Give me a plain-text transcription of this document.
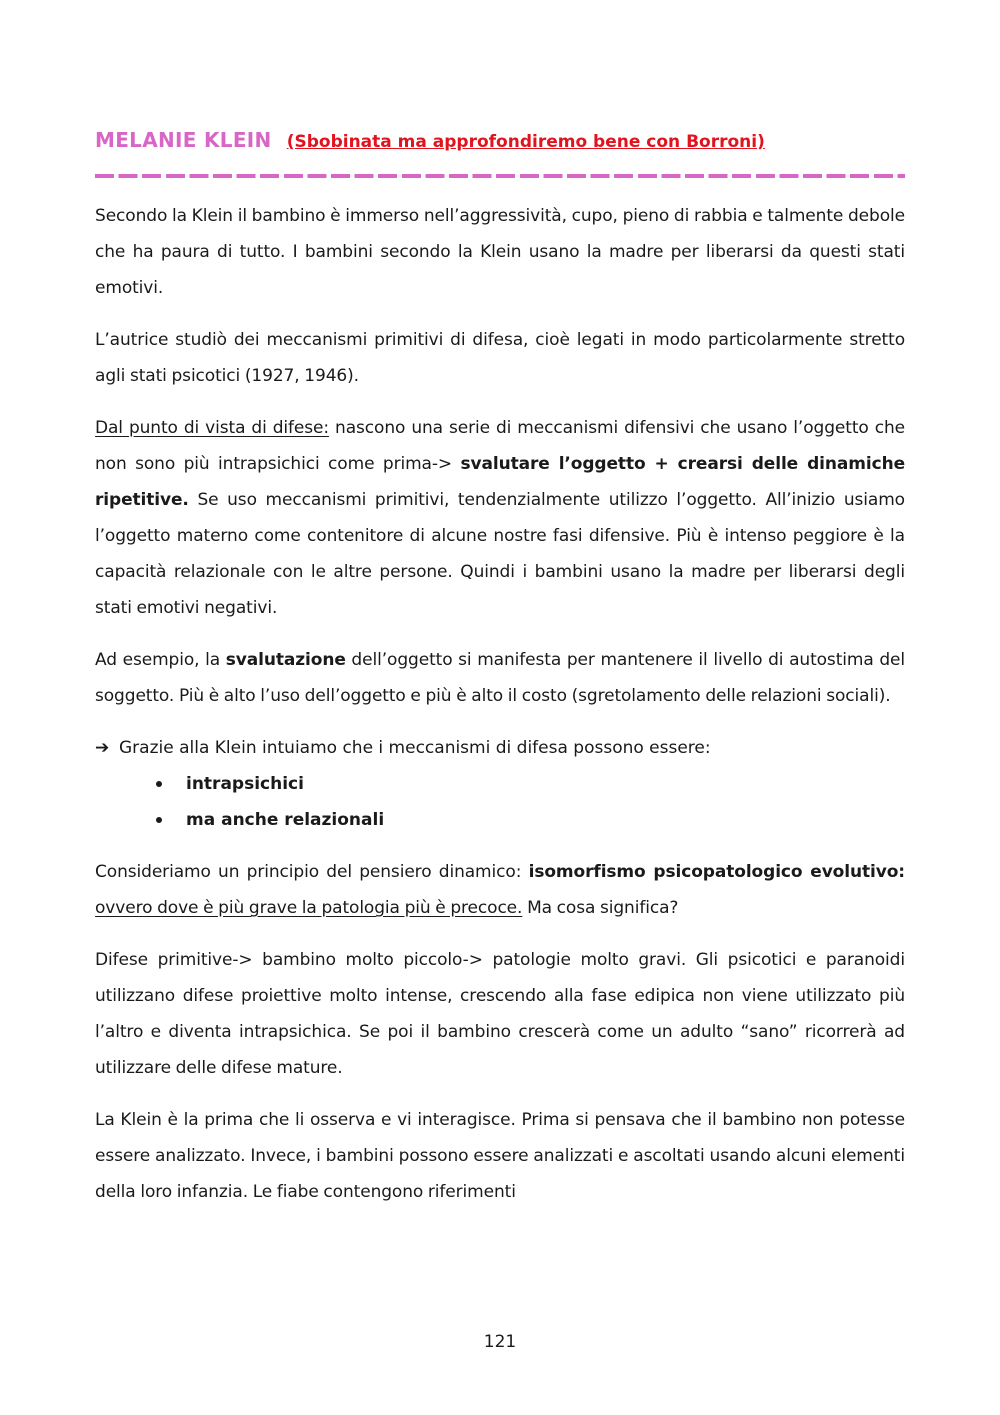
MELANIE KLEIN (Sbobinata ma approfondiremo bene con Borroni)

Secondo la Klein il bambino è immerso nell’aggressività, cupo, pieno di rabbia e talmente debole che ha paura di tutto. I bambini secondo la Klein usano la madre per liberarsi da questi stati emotivi.

L’autrice studiò dei meccanismi primitivi di difesa, cioè legati in modo particolarmente stretto agli stati psicotici (1927, 1946).

Dal punto di vista di difese: nascono una serie di meccanismi difensivi che usano l’oggetto che non sono più intrapsichici come prima-> svalutare l’oggetto + crearsi delle dinamiche ripetitive. Se uso meccanismi primitivi, tendenzialmente utilizzo l’oggetto. All’inizio usiamo l’oggetto materno come contenitore di alcune nostre fasi difensive. Più è intenso peggiore è la capacità relazionale con le altre persone. Quindi i bambini usano la madre per liberarsi degli stati emotivi negativi.

Ad esempio, la svalutazione dell’oggetto si manifesta per mantenere il livello di autostima del soggetto. Più è alto l’uso dell’oggetto e più è alto il costo (sgretolamento delle relazioni sociali).

➔ Grazie alla Klein intuiamo che i meccanismi di difesa possono essere:
intrapsichici
ma anche relazionali

Consideriamo un principio del pensiero dinamico: isomorfismo psicopatologico evolutivo: ovvero dove è più grave la patologia più è precoce. Ma cosa significa?

Difese primitive-> bambino molto piccolo-> patologie molto gravi. Gli psicotici e paranoidi utilizzano difese proiettive molto intense, crescendo alla fase edipica non viene utilizzato più l’altro e diventa intrapsichica. Se poi il bambino crescerà come un adulto “sano” ricorrerà ad utilizzare delle difese mature.

La Klein è la prima che li osserva e vi interagisce. Prima si pensava che il bambino non potesse essere analizzato. Invece, i bambini possono essere analizzati e ascoltati usando alcuni elementi della loro infanzia. Le fiabe contengono riferimenti

121
